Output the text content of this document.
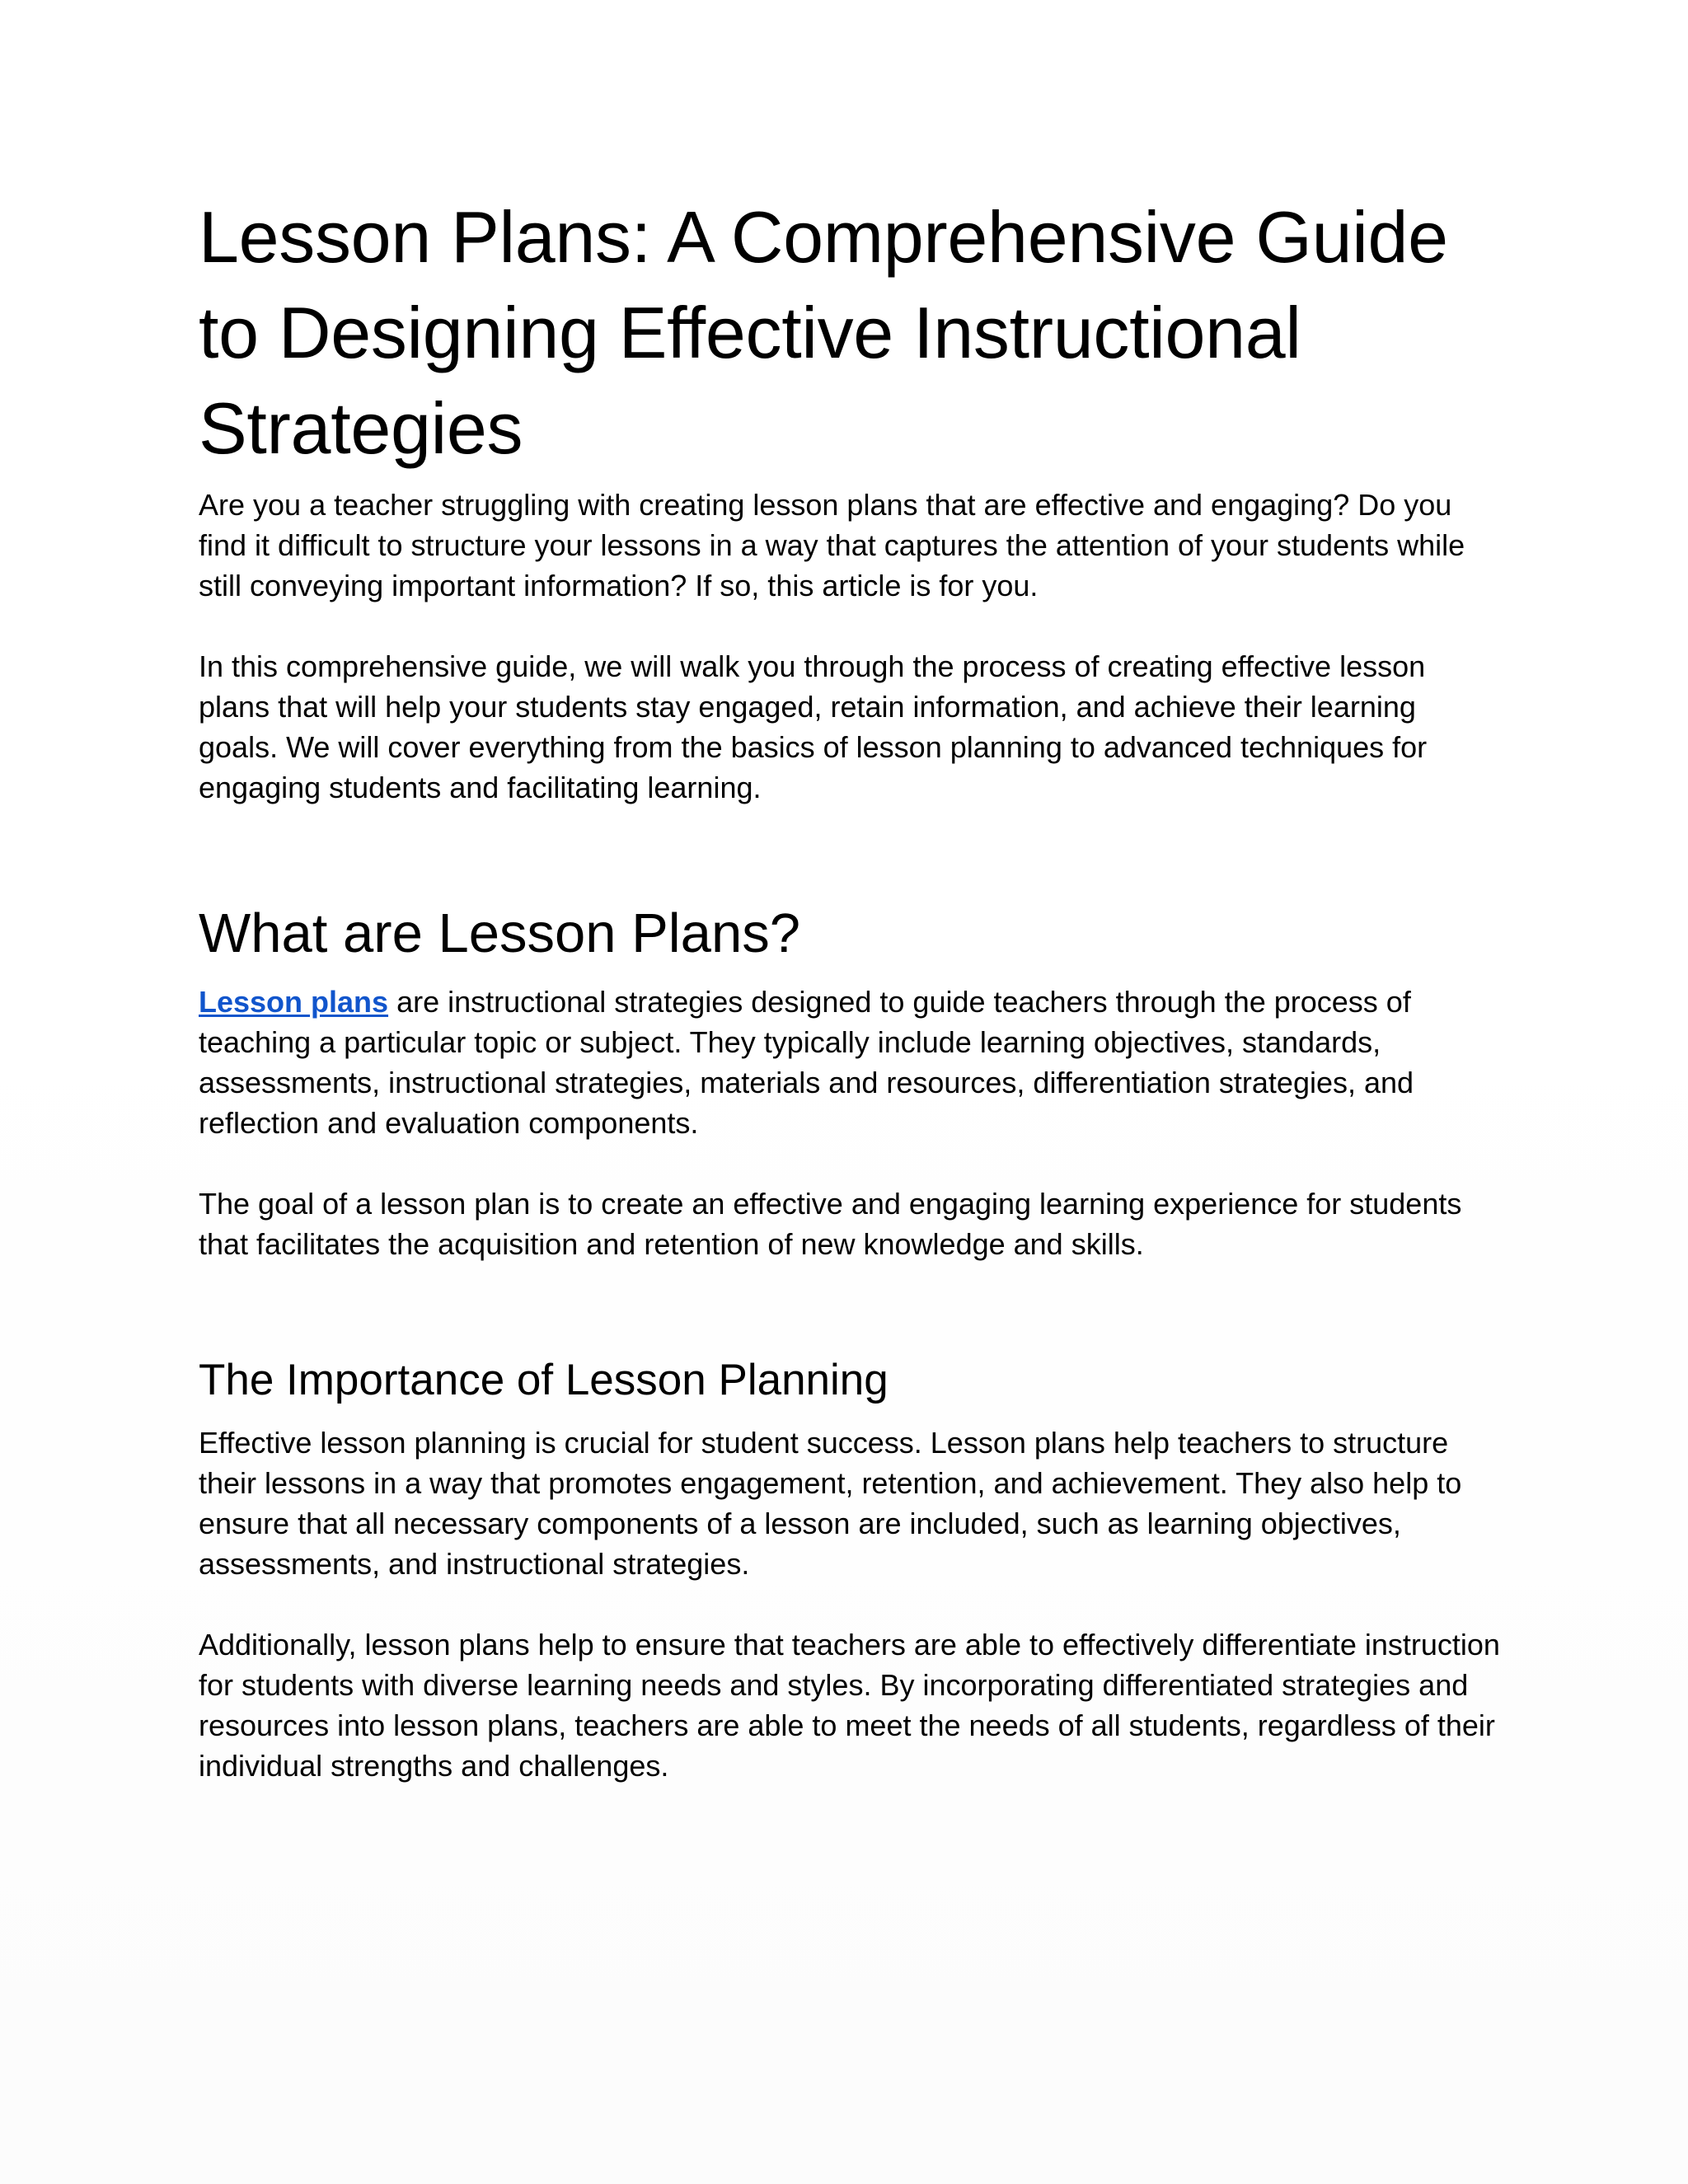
Lesson Plans: A Comprehensive Guide to Designing Effective Instructional Strategies

Are you a teacher struggling with creating lesson plans that are effective and engaging? Do you find it difficult to structure your lessons in a way that captures the attention of your students while still conveying important information? If so, this article is for you.

In this comprehensive guide, we will walk you through the process of creating effective lesson plans that will help your students stay engaged, retain information, and achieve their learning goals. We will cover everything from the basics of lesson planning to advanced techniques for engaging students and facilitating learning.

What are Lesson Plans?

Lesson plans are instructional strategies designed to guide teachers through the process of teaching a particular topic or subject. They typically include learning objectives, standards, assessments, instructional strategies, materials and resources, differentiation strategies, and reflection and evaluation components.

The goal of a lesson plan is to create an effective and engaging learning experience for students that facilitates the acquisition and retention of new knowledge and skills.

The Importance of Lesson Planning

Effective lesson planning is crucial for student success. Lesson plans help teachers to structure their lessons in a way that promotes engagement, retention, and achievement. They also help to ensure that all necessary components of a lesson are included, such as learning objectives, assessments, and instructional strategies.

Additionally, lesson plans help to ensure that teachers are able to effectively differentiate instruction for students with diverse learning needs and styles. By incorporating differentiated strategies and resources into lesson plans, teachers are able to meet the needs of all students, regardless of their individual strengths and challenges.
